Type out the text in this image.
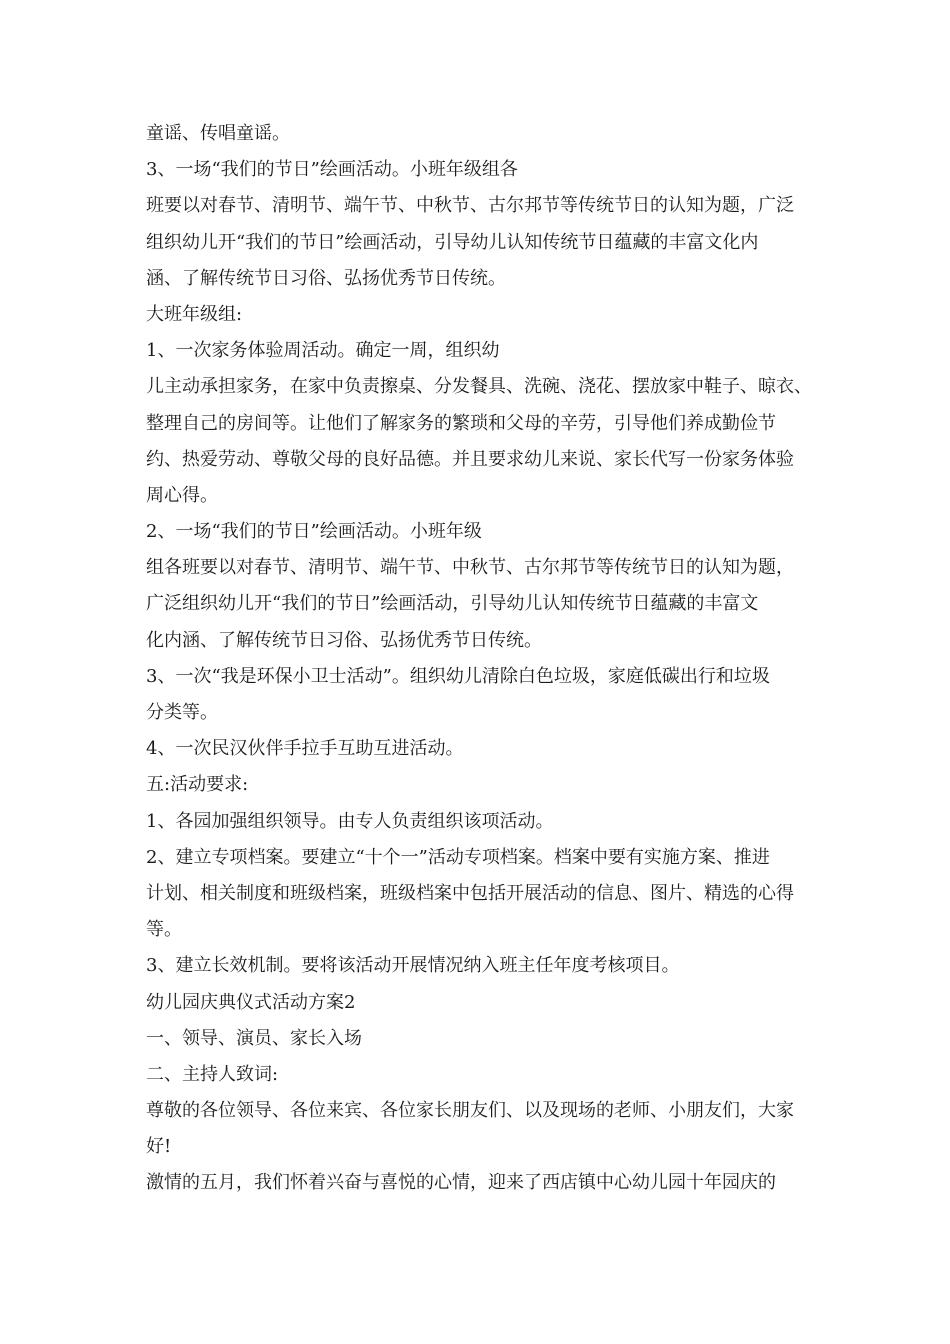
童谣、传唱童谣。
3、一场“我们的节日”绘画活动。小班年级组各
班要以对春节、清明节、端午节、中秋节、古尔邦节等传统节日的认知为题，广泛
组织幼儿开“我们的节日”绘画活动，引导幼儿认知传统节日蕴藏的丰富文化内
涵、了解传统节日习俗、弘扬优秀节日传统。
大班年级组:
1、一次家务体验周活动。确定一周，组织幼
儿主动承担家务，在家中负责擦桌、分发餐具、洗碗、浇花、摆放家中鞋子、晾衣、
整理自己的房间等。让他们了解家务的繁琐和父母的辛劳，引导他们养成勤俭节
约、热爱劳动、尊敬父母的良好品德。并且要求幼儿来说、家长代写一份家务体验
周心得。
2、一场“我们的节日”绘画活动。小班年级
组各班要以对春节、清明节、端午节、中秋节、古尔邦节等传统节日的认知为题，
广泛组织幼儿开“我们的节日”绘画活动，引导幼儿认知传统节日蕴藏的丰富文
化内涵、了解传统节日习俗、弘扬优秀节日传统。
3、一次“我是环保小卫士活动”。组织幼儿清除白色垃圾，家庭低碳出行和垃圾
分类等。
4、一次民汉伙伴手拉手互助互进活动。
五:活动要求:
1、各园加强组织领导。由专人负责组织该项活动。
2、建立专项档案。要建立“十个一”活动专项档案。档案中要有实施方案、推进
计划、相关制度和班级档案，班级档案中包括开展活动的信息、图片、精选的心得
等。
3、建立长效机制。要将该活动开展情况纳入班主任年度考核项目。
幼儿园庆典仪式活动方案2
一、领导、演员、家长入场
二、主持人致词:
尊敬的各位领导、各位来宾、各位家长朋友们、以及现场的老师、小朋友们，大家
好!
激情的五月，我们怀着兴奋与喜悦的心情，迎来了西店镇中心幼儿园十年园庆的
